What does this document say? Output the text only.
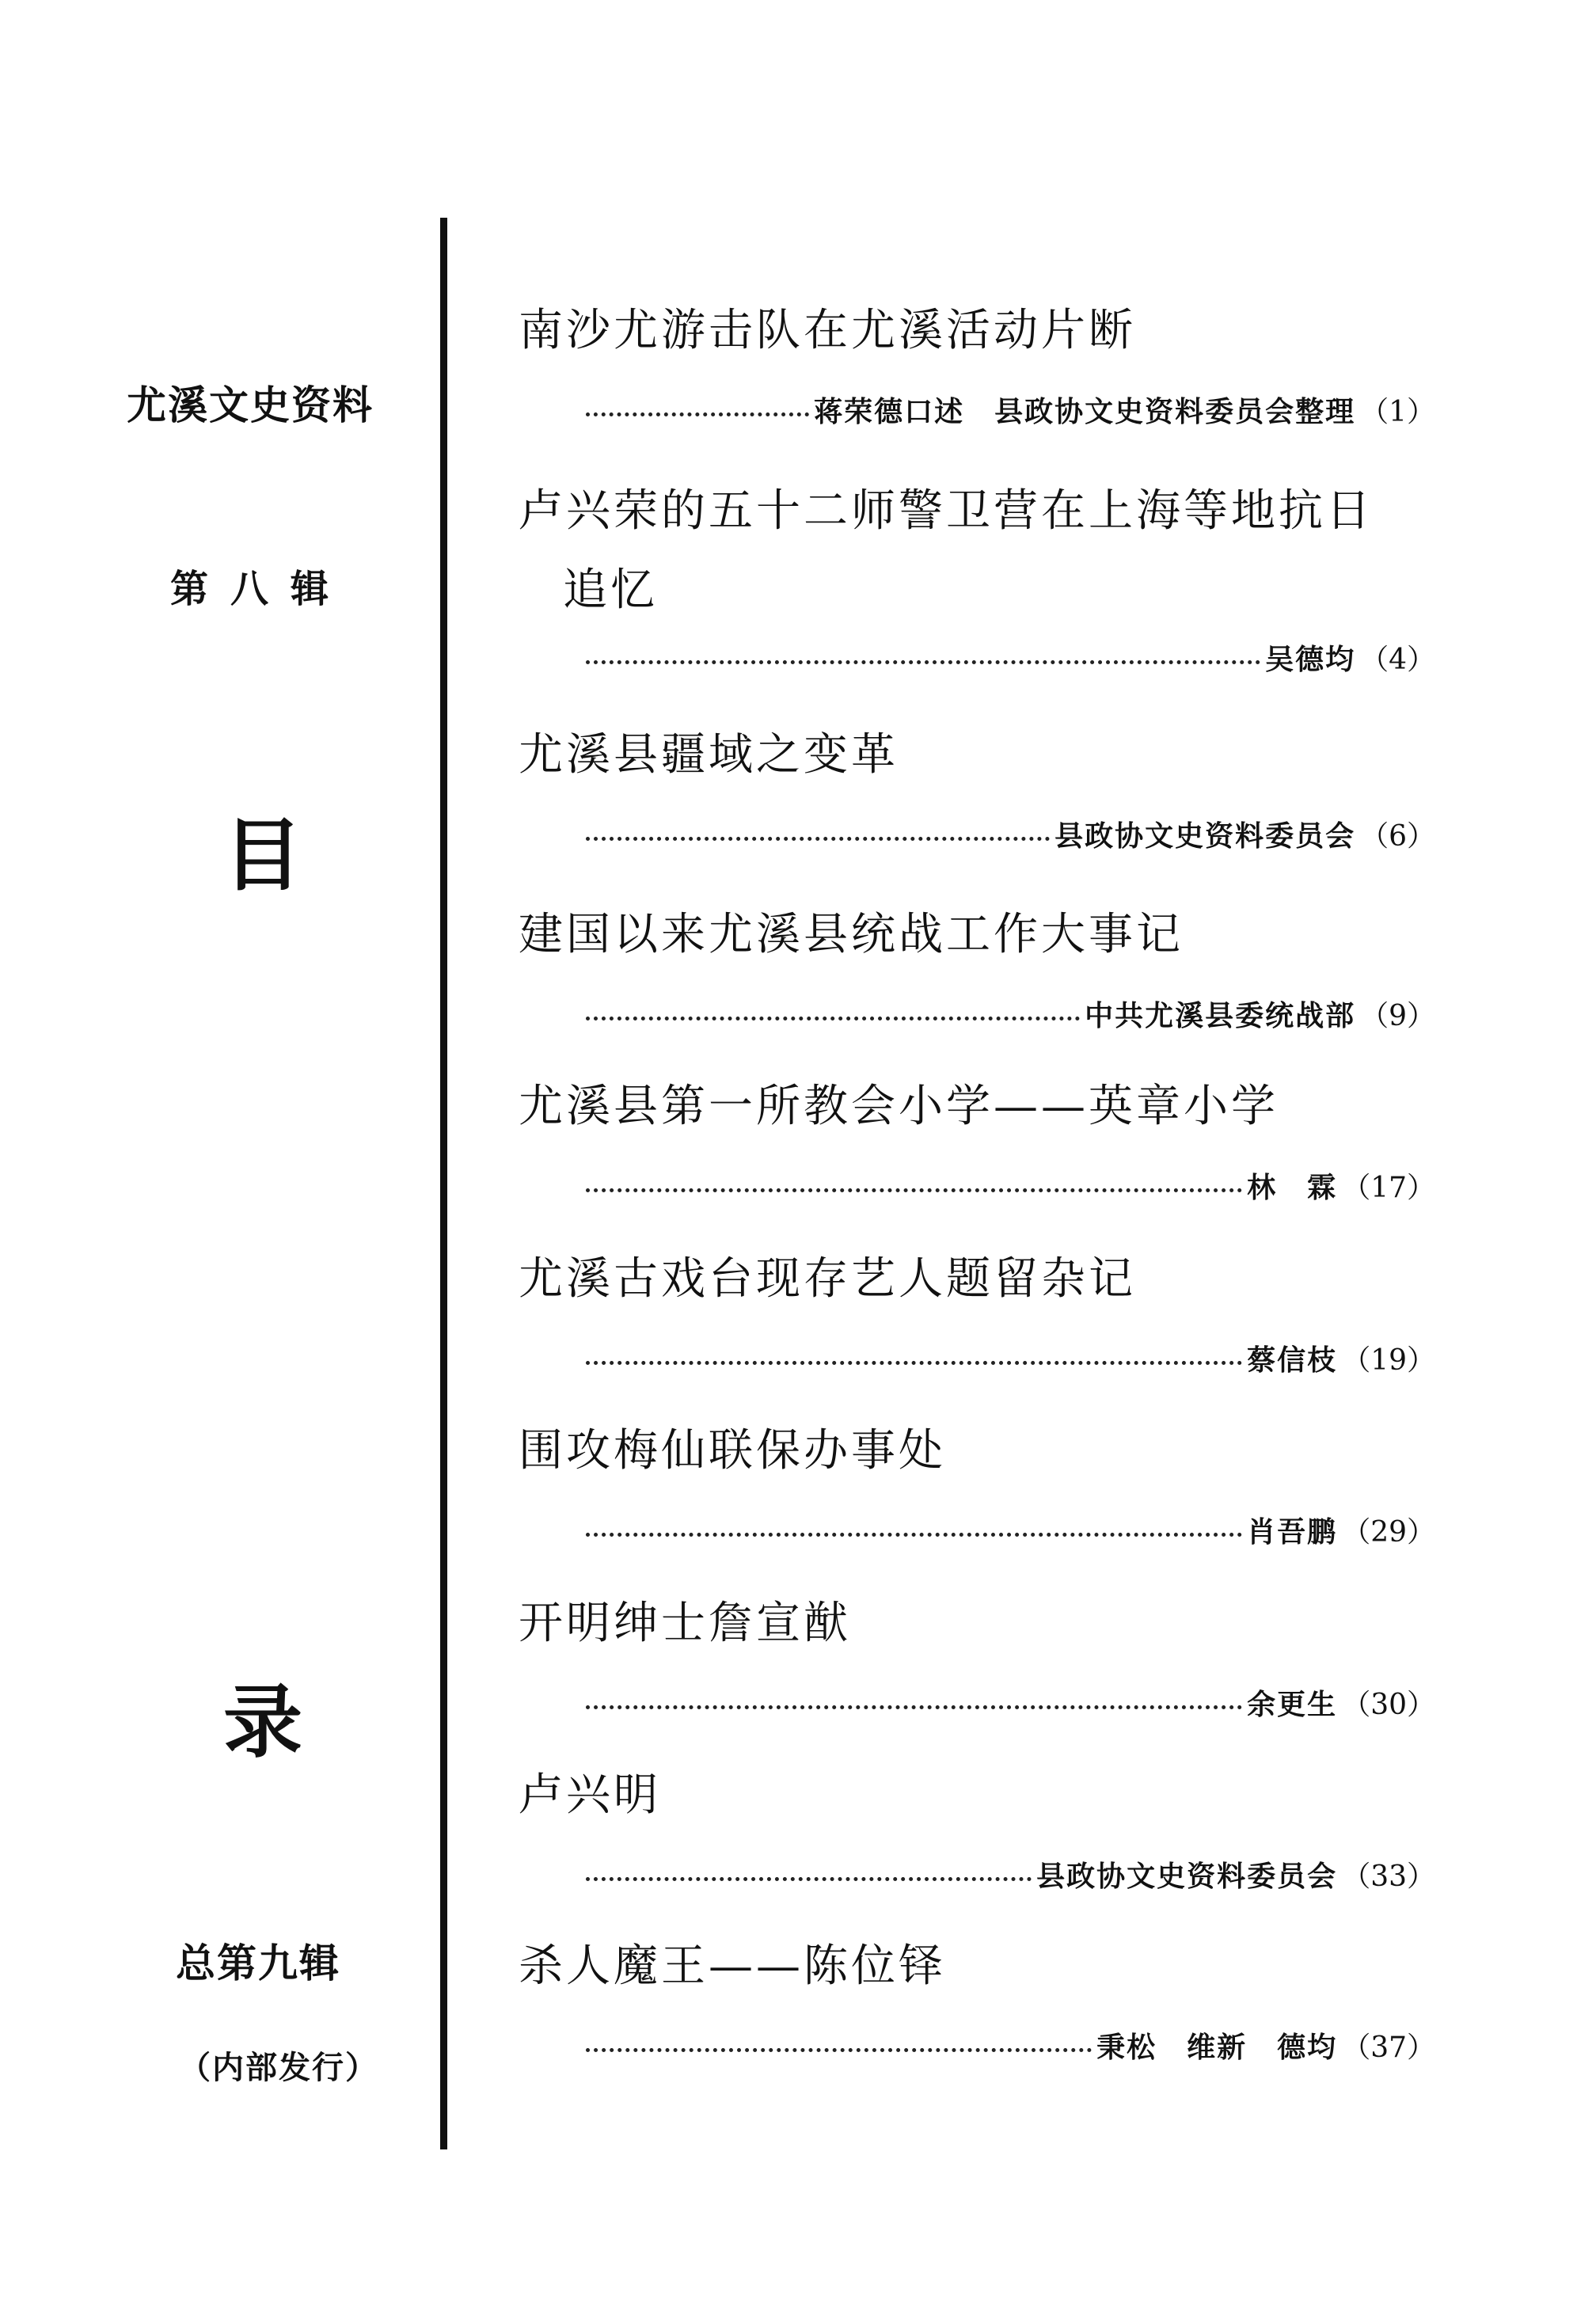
尤溪文史资料
第八辑
目
录
总第九辑
（内部发行）
南沙尤游击队在尤溪活动片断
蒋荣德口述　县政协文史资料委员会整理 （1）
卢兴荣的五十二师警卫营在上海等地抗日
追忆
吴德均 （4）
尤溪县疆域之变革
县政协文史资料委员会 （6）
建国以来尤溪县统战工作大事记
中共尤溪县委统战部 （9）
尤溪县第一所教会小学——英章小学
林　霖 （17）
尤溪古戏台现存艺人题留杂记
蔡信枝 （19）
围攻梅仙联保办事处
肖吾鹏 （29）
开明绅士詹宣猷
余更生 （30）
卢兴明
县政协文史资料委员会 （33）
杀人魔王——陈位铎
秉松　维新　德均 （37）
